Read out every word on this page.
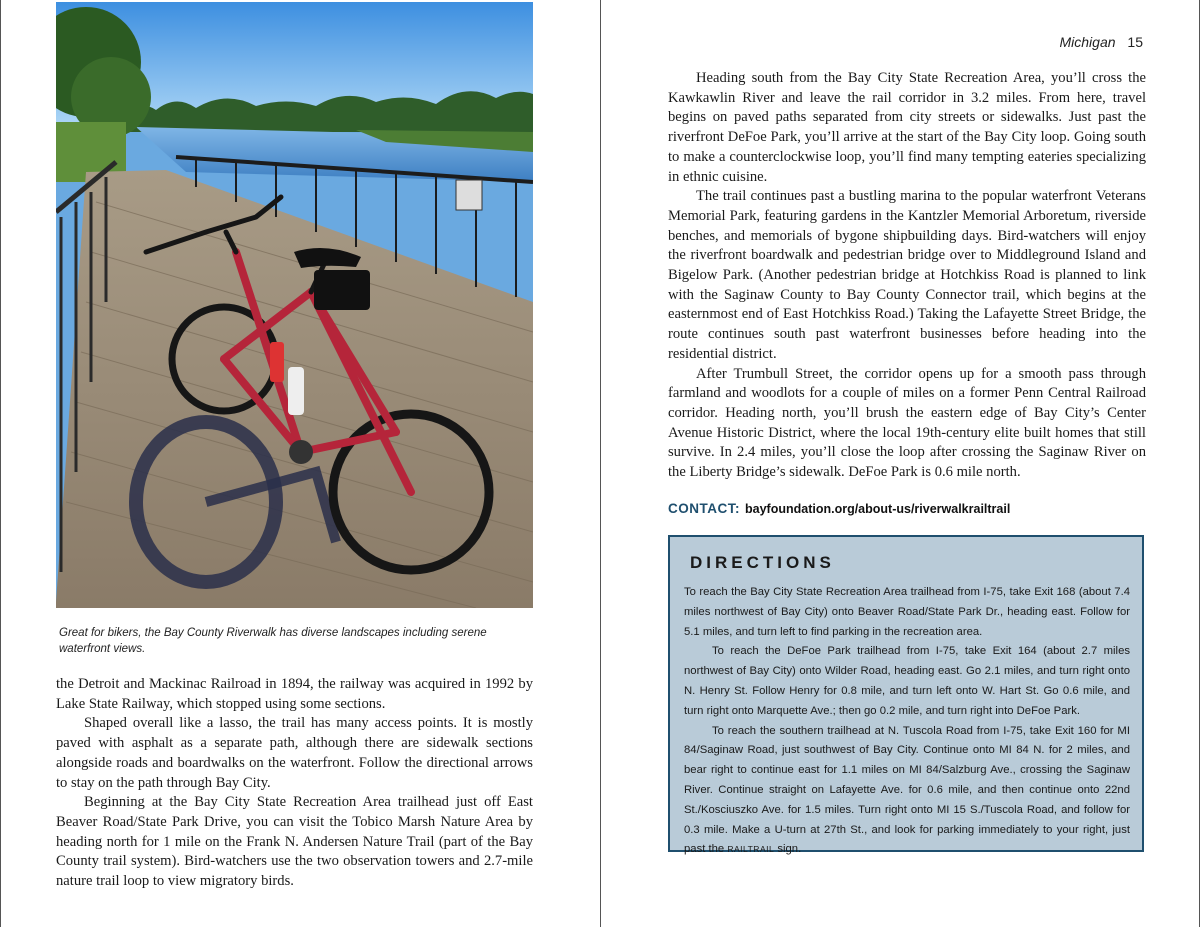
Great for bikers, the Bay County Riverwalk has diverse landscapes including serene waterfront views.

the Detroit and Mackinac Railroad in 1894, the railway was acquired in 1992 by Lake State Railway, which stopped using some sections.

Shaped overall like a lasso, the trail has many access points. It is mostly paved with asphalt as a separate path, although there are sidewalk sections alongside roads and boardwalks on the waterfront. Follow the directional arrows to stay on the path through Bay City.

Beginning at the Bay City State Recreation Area trailhead just off East Beaver Road/State Park Drive, you can visit the Tobico Marsh Nature Area by heading north for 1 mile on the Frank N. Andersen Nature Trail (part of the Bay County trail system). Bird-watchers use the two observation towers and 2.7-mile nature trail loop to view migratory birds.

Michigan 15

Heading south from the Bay City State Recreation Area, you’ll cross the Kawkawlin River and leave the rail corridor in 3.2 miles. From here, travel begins on paved paths separated from city streets or sidewalks. Just past the riverfront DeFoe Park, you’ll arrive at the start of the Bay City loop. Going south to make a counterclockwise loop, you’ll find many tempting eateries specializing in ethnic cuisine.

The trail continues past a bustling marina to the popular waterfront Veterans Memorial Park, featuring gardens in the Kantzler Memorial Arboretum, riverside benches, and memorials of bygone shipbuilding days. Bird-watchers will enjoy the riverfront boardwalk and pedestrian bridge over to Middleground Island and Bigelow Park. (Another pedestrian bridge at Hotchkiss Road is planned to link with the Saginaw County to Bay County Connector trail, which begins at the easternmost end of East Hotchkiss Road.) Taking the Lafayette Street Bridge, the route continues south past waterfront businesses before heading into the residential district.

After Trumbull Street, the corridor opens up for a smooth pass through farmland and woodlots for a couple of miles on a former Penn Central Railroad corridor. Heading north, you’ll brush the eastern edge of Bay City’s Center Avenue Historic District, where the local 19th-century elite built homes that still survive. In 2.4 miles, you’ll close the loop after crossing the Saginaw River on the Liberty Bridge’s sidewalk. DeFoe Park is 0.6 mile north.

CONTACT: bayfoundation.org/about-us/riverwalkrailtrail
DIRECTIONS

To reach the Bay City State Recreation Area trailhead from I-75, take Exit 168 (about 7.4 miles northwest of Bay City) onto Beaver Road/State Park Dr., heading east. Follow for 5.1 miles, and turn left to find parking in the recreation area.

To reach the DeFoe Park trailhead from I-75, take Exit 164 (about 2.7 miles northwest of Bay City) onto Wilder Road, heading east. Go 2.1 miles, and turn right onto N. Henry St. Follow Henry for 0.8 mile, and turn left onto W. Hart St. Go 0.6 mile, and turn right onto Marquette Ave.; then go 0.2 mile, and turn right into DeFoe Park.

To reach the southern trailhead at N. Tuscola Road from I-75, take Exit 160 for MI 84/Saginaw Road, just southwest of Bay City. Continue onto MI 84 N. for 2 miles, and bear right to continue east for 1.1 miles on MI 84/Salzburg Ave., crossing the Saginaw River. Continue straight on Lafayette Ave. for 0.6 mile, and then continue onto 22nd St./Kosciuszko Ave. for 1.5 miles. Turn right onto MI 15 S./Tuscola Road, and follow for 0.3 mile. Make a U-turn at 27th St., and look for parking immediately to your right, just past the RAILTRAIL sign.
